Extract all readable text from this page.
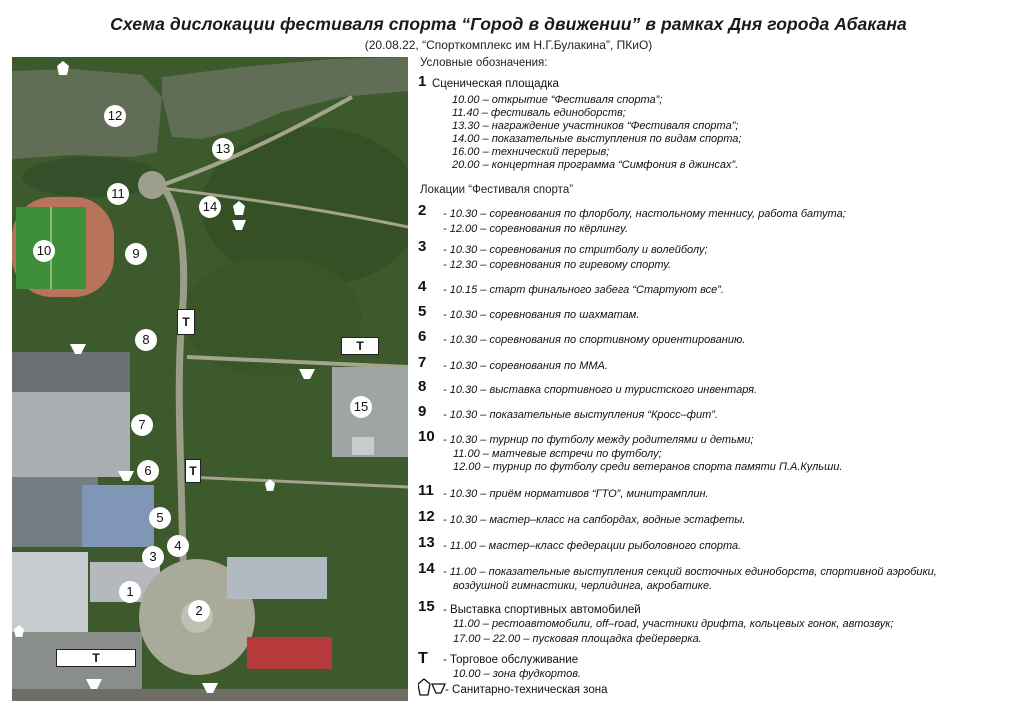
Схема дислокации фестиваля спорта “Город в движении” в рамках Дня города Абакана
(20.08.22, “Спорткомплекс им Н.Г.Булакина”, ПКиО)
12
13
11
14
10	9
8
15
7
6
5
4
3
1
2
Т
Т
Т
Т
Условные обозначения:
1 Сценическая площадка
10.00 – открытие “Фестиваля спорта”;
11.40 – фестиваль единоборств;
13.30 – награждение участников “Фестиваля спорта”;
14.00 – показательные выступления по видам спорта;
16.00 – технический перерыв;
20.00 – концертная программа “Симфония в джинсах”.
Локации “Фестиваля спорта”
2 - 10.30 – соревнования по флорболу, настольному теннису, работа батута;
- 12.00 – соревнования по кёрлингу.
3 - 10.30 – соревнования по стритболу и волейболу;
- 12.30 – соревнования по гиревому спорту.
4 - 10.15 – старт финального забега “Стартуют все”.
5 - 10.30 – соревнования по шахматам.
6 - 10.30 – соревнования по спортивному ориентированию.
7 - 10.30 – соревнования по ММА.
8 - 10.30 – выставка спортивного и туристского инвентаря.
9 - 10.30 – показательные выступления “Кросс–фит”.
10 - 10.30 – турнир по футболу между родителями и детьми;
11.00 – матчевые встречи по футболу;
12.00 – турнир по футболу среди ветеранов спорта памяти П.А.Кульши.
11 - 10.30 – приём нормативов “ГТО”, минитрамплин.
12 - 10.30 – мастер–класс на сапбордах, водные эстафеты.
13 - 11.00 – мастер–класс федерации рыболовного спорта.
14 - 11.00 – показательные выступления секций восточных единоборств, спортивной аэробики,
воздушной гимнастики, черлидинга, акробатике.
15 - Выставка спортивных автомобилей
11.00 – рестоавтомобили, off–road, участники дрифта, кольцевых гонок, автозвук;
17.00 – 22.00 – пусковая площадка фейерверка.
Т - Торговое обслуживание
10.00 – зона фудкортов.
- Санитарно-техническая зона
